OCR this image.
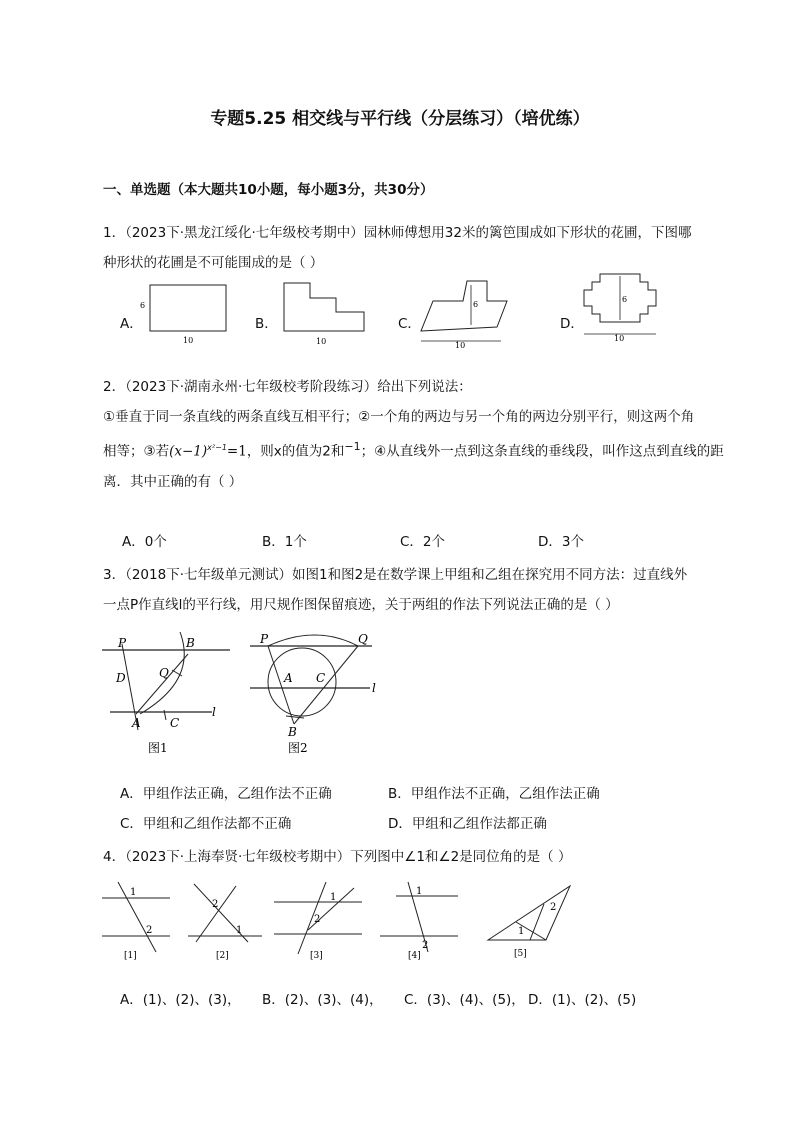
专题5.25 相交线与平行线（分层练习）（培优练）
一、单选题（本大题共10小题，每小题3分，共30分）
1．（2023下·黑龙江绥化·七年级校考期中）园林师傅想用32米的篱笆围成如下形状的花圃，下图哪
种形状的花圃是不可能围成的是（ ）
A．	B．	C．	D．
6
10	10
6
10
6
10
2．（2023下·湖南永州·七年级校考阶段练习）给出下列说法：
①垂直于同一条直线的两条直线互相平行；②一个角的两边与另一个角的两边分别平行，则这两个角
相等；③若$(x-1)^{x^2-1}=1$，则x的值为2和$^{-1}$；④从直线外一点到这条直线的垂线段，叫作这点到直线的距
离．其中正确的有（ ）
A．0个	B．1个	C．2个	D．3个
3．（2018下·七年级单元测试）如图1和图2是在数学课上甲组和乙组在探究用不同方法：过直线外
一点P作直线l的平行线，用尺规作图保留痕迹，关于两组的作法下列说法正确的是（ ）
P	B
Q
D
A C
l
图1
P	Q
A C
B
l
图2
A．甲组作法正确，乙组作法不正确	B．甲组作法不正确，乙组作法正确
C．甲组和乙组作法都不正确	D．甲组和乙组作法都正确
4．（2023下·上海奉贤·七年级校考期中）下列图中∠1和∠2是同位角的是（ ）
1
2
[1]
2
1
[2]
1
2
[3]
1
2
[4]
1
2
[5]
A．(1)、(2)、(3)， B．(2)、(3)、(4)， C．(3)、(4)、(5)， D．(1)、(2)、(5)
